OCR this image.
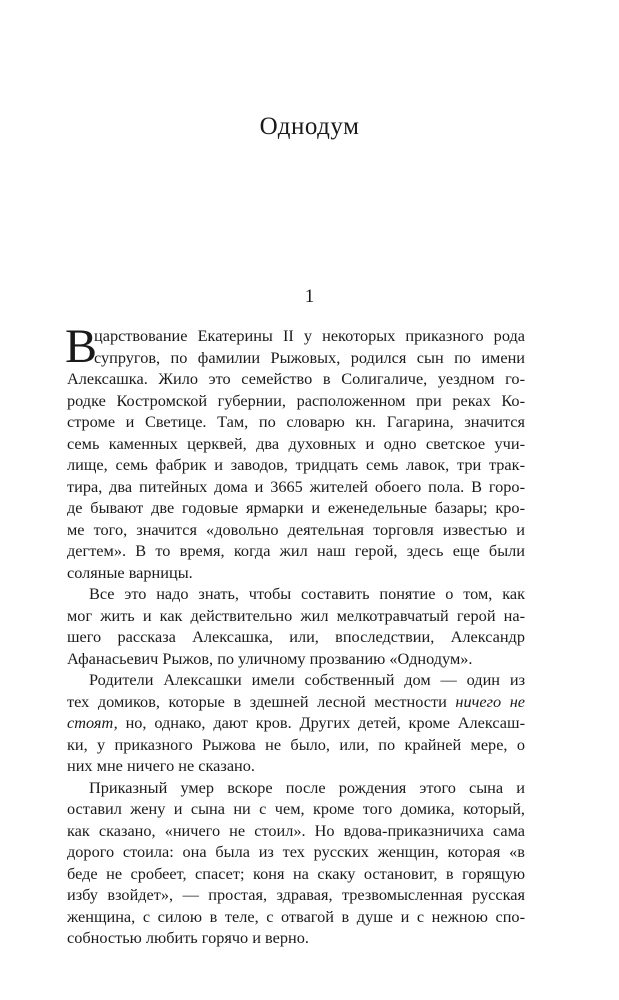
Однодум
1
В
царствование Екатерины II у некоторых приказного рода
супругов, по фамилии Рыжовых, родился сын по имени
Алексашка. Жило это семейство в Солигаличе, уездном го-
родке Костромской губернии, расположенном при реках Ко-
строме и Светице. Там, по словарю кн. Гагарина, значится
семь каменных церквей, два духовных и одно светское учи-
лище, семь фабрик и заводов, тридцать семь лавок, три трак-
тира, два питейных дома и 3665 жителей обоего пола. В горо-
де бывают две годовые ярмарки и еженедельные базары; кро-
ме того, значится «довольно деятельная торговля известью и
дегтем». В то время, когда жил наш герой, здесь еще были
соляные варницы.
Все это надо знать, чтобы составить понятие о том, как
мог жить и как действительно жил мелкотравчатый герой на-
шего рассказа Алексашка, или, впоследствии, Александр
Афанасьевич Рыжов, по уличному прозванию «Однодум».
Родители Алексашки имели собственный дом — один из
тех домиков, которые в здешней лесной местности ничего не
стоят, но, однако, дают кров. Других детей, кроме Алексаш-
ки, у приказного Рыжова не было, или, по крайней мере, о
них мне ничего не сказано.
Приказный умер вскоре после рождения этого сына и
оставил жену и сына ни с чем, кроме того домика, который,
как сказано, «ничего не стоил». Но вдова-приказничиха сама
дорого стоила: она была из тех русских женщин, которая «в
беде не сробеет, спасет; коня на скаку остановит, в горящую
избу взойдет», — простая, здравая, трезвомысленная русская
женщина, с силою в теле, с отвагой в душе и с нежною спо-
собностью любить горячо и верно.
